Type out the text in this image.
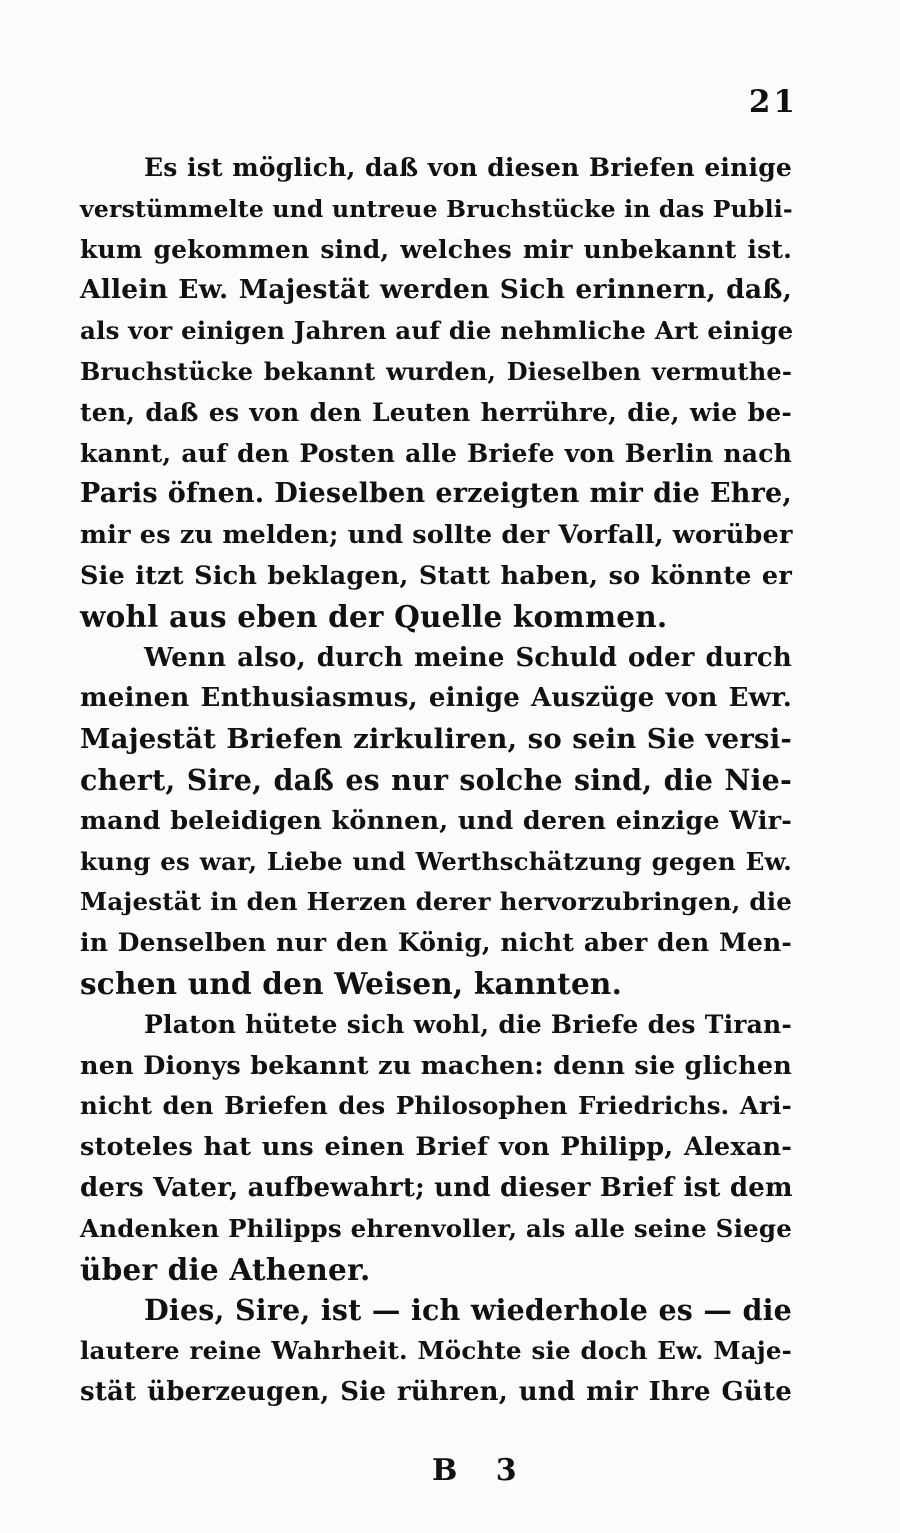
21
Es ist möglich, daß von diesen Briefen einige
verstümmelte und untreue Bruchstücke in das Publi-
kum gekommen sind, welches mir unbekannt ist.
Allein Ew. Majestät werden Sich erinnern, daß,
als vor einigen Jahren auf die nehmliche Art einige
Bruchstücke bekannt wurden, Dieselben vermuthe-
ten, daß es von den Leuten herrühre, die, wie be-
kannt, auf den Posten alle Briefe von Berlin nach
Paris öfnen. Dieselben erzeigten mir die Ehre,
mir es zu melden; und sollte der Vorfall, worüber
Sie itzt Sich beklagen, Statt haben, so könnte er
wohl aus eben der Quelle kommen.
Wenn also, durch meine Schuld oder durch
meinen Enthusiasmus, einige Auszüge von Ewr.
Majestät Briefen zirkuliren, so sein Sie versi-
chert, Sire, daß es nur solche sind, die Nie-
mand beleidigen können, und deren einzige Wir-
kung es war, Liebe und Werthschätzung gegen Ew.
Majestät in den Herzen derer hervorzubringen, die
in Denselben nur den König, nicht aber den Men-
schen und den Weisen, kannten.
Platon hütete sich wohl, die Briefe des Tiran-
nen Dionys bekannt zu machen: denn sie glichen
nicht den Briefen des Philosophen Friedrichs. Ari-
stoteles hat uns einen Brief von Philipp, Alexan-
ders Vater, aufbewahrt; und dieser Brief ist dem
Andenken Philipps ehrenvoller, als alle seine Siege
über die Athener.
Dies, Sire, ist — ich wiederhole es — die
lautere reine Wahrheit. Möchte sie doch Ew. Maje-
stät überzeugen, Sie rühren, und mir Ihre Güte
B 3
